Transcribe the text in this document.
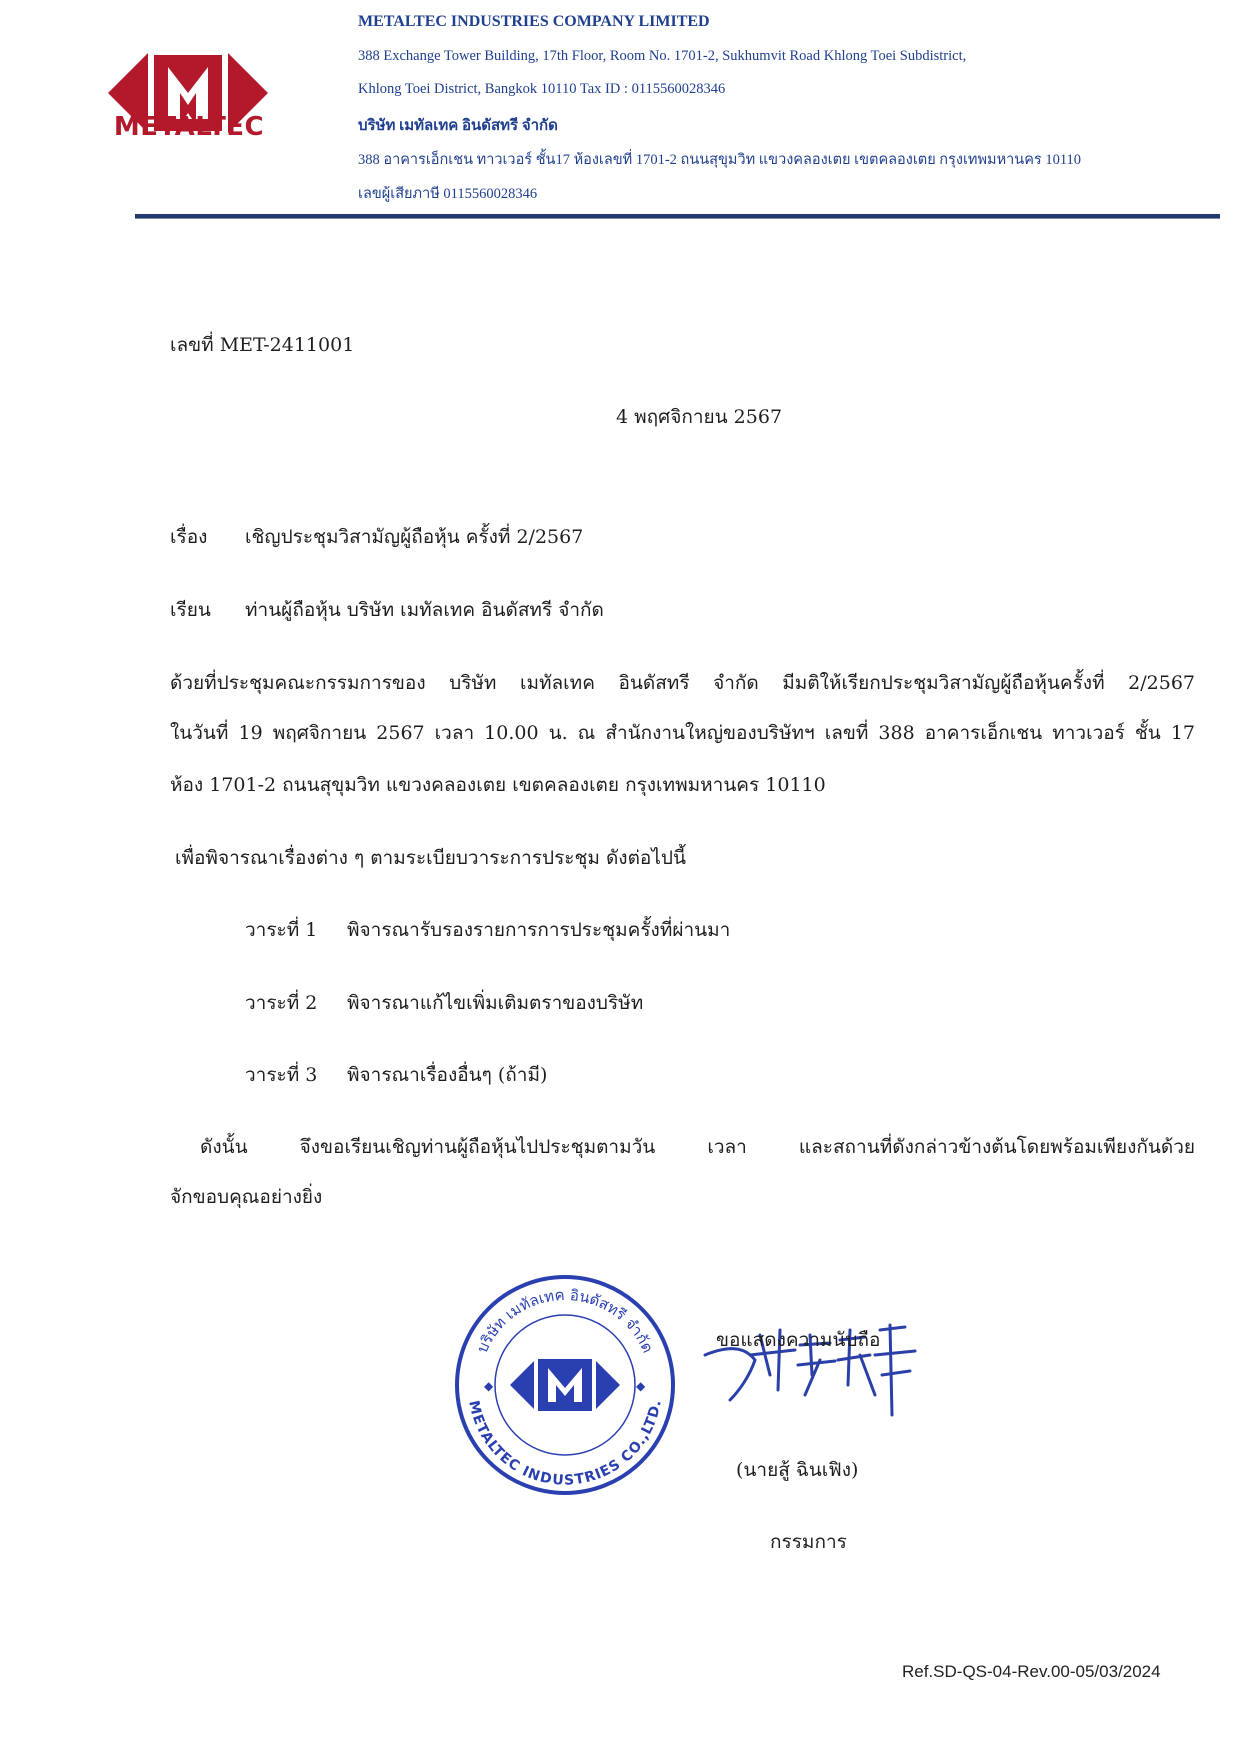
METALTEC
METALTEC INDUSTRIES COMPANY LIMITED
388 Exchange Tower Building, 17th Floor, Room No. 1701-2, Sukhumvit Road Khlong Toei Subdistrict,
Khlong Toei District, Bangkok 10110 Tax ID : 0115560028346
บริษัท เมทัลเทค อินดัสทรี จำกัด
388 อาคารเอ็กเชน ทาวเวอร์ ชั้น17 ห้องเลขที่ 1701-2 ถนนสุขุมวิท แขวงคลองเตย เขตคลองเตย กรุงเทพมหานคร 10110
เลขผู้เสียภาษี 0115560028346
เลขที่ MET-2411001
4 พฤศจิกายน 2567
เรื่อง เชิญประชุมวิสามัญผู้ถือหุ้น ครั้งที่ 2/2567
เรียน ท่านผู้ถือหุ้น บริษัท เมทัลเทค อินดัสทรี จำกัด
ด้วยที่ประชุมคณะกรรมการของ บริษัท เมทัลเทค อินดัสทรี จำกัด มีมติให้เรียกประชุมวิสามัญผู้ถือหุ้นครั้งที่ 2/2567
ในวันที่ 19 พฤศจิกายน 2567 เวลา 10.00 น. ณ สำนักงานใหญ่ของบริษัทฯ เลขที่ 388 อาคารเอ็กเชน ทาวเวอร์ ชั้น 17
ห้อง 1701-2 ถนนสุขุมวิท แขวงคลองเตย เขตคลองเตย กรุงเทพมหานคร 10110
เพื่อพิจารณาเรื่องต่าง ๆ ตามระเบียบวาระการประชุม ดังต่อไปนี้
วาระที่ 1 พิจารณารับรองรายการการประชุมครั้งที่ผ่านมา
วาระที่ 2 พิจารณาแก้ไขเพิ่มเติมตราของบริษัท
วาระที่ 3 พิจารณาเรื่องอื่นๆ (ถ้ามี)
ดังนั้น จึงขอเรียนเชิญท่านผู้ถือหุ้นไปประชุมตามวัน เวลา และสถานที่ดังกล่าวข้างต้นโดยพร้อมเพียงกันด้วย
จักขอบคุณอย่างยิ่ง
บริษัท เมทัลเทค อินดัสทรี จำกัด
METALTEC INDUSTRIES CO.,LTD.
◆	◆
ขอแสดงความนับถือ
(นายสู้ ฉินเฟิง)
กรรมการ
Ref.SD-QS-04-Rev.00-05/03/2024
